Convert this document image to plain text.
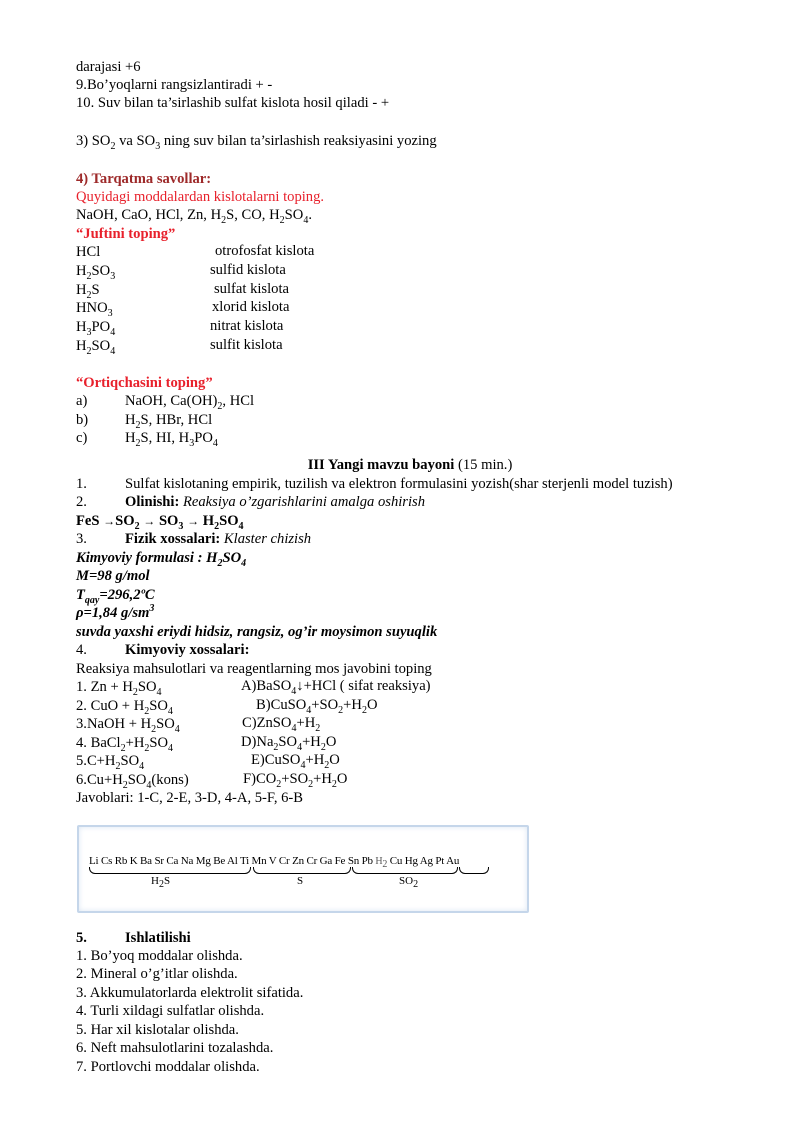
darajasi +6
9.Bo’yoqlarni rangsizlantiradi + -
10. Suv bilan ta’sirlashib sulfat kislota hosil qiladi - +
3) $SO_2$ va $SO_3$ ning suv bilan ta’sirlashish reaksiyasini yozing
4) Tarqatma savollar:
Quyidagi moddalardan kislotalarni toping.
NaOH, CaO, HCl, Zn, $H_2S$, CO, $H_2SO_4$.
“Juftini toping”
HCl	otrofosfat kislota
$H_2SO_3$	sulfid kislota
$H_2S$	sulfat kislota
$HNO_3$	xlorid kislota
$H_3PO_4$	nitrat kislota
$H_2SO_4$	sulfit kislota
“Ortiqchasini toping”
a)	NaOH, $Ca(OH)_2$, HCl
b)	$H_2S$, HBr, HCl
c)	$H_2S$, HI, $H_3PO_4$
III Yangi mavzu bayoni (15 min.)
1.	Sulfat kislotaning empirik, tuzilish va elektron formulasini yozish(shar sterjenli model tuzish)
2.	Olinishi: Reaksiya o’zgarishlarini amalga oshirish
FeS $\to SO_2 \to SO_3 \to H_2SO_4$
3.	Fizik xossalari: Klaster chizish
Kimyoviy formulasi : $H_2SO_4$
M=98 g/mol
$T_{qay}=296,2ºC$
ρ=1,84 $g/sm^3$
suvda yaxshi eriydi hidsiz, rangsiz, og’ir moysimon suyuqlik
4.	Kimyoviy xossalari:
Reaksiya mahsulotlari va reagentlarning mos javobini toping
1. $Zn + H_2SO_4$	A)BaSO$_4$↓+HCl ( sifat reaksiya)
2. CuO + $H_2SO_4$	$B)CuSO_4+SO_2+H_2O$
3.NaOH + $H_2SO_4$	$C)ZnSO_4+H_2$
4. $BaCl_2+H_2SO_4$	$D)Na_2SO_4+H_2O$
$5.C+H_2SO_4$	$E)CuSO_4+H_2O$
$6.Cu+H_2SO_4(kons)$	$F)CO_2+SO_2+H_2O$
Javoblari: 1-C, 2-E, 3-D, 4-A, 5-F, 6-B
Li Cs Rb K Ba Sr Ca Na Mg Be Al Ti Mn V Cr Zn Cr Ga Fe Sn Pb $H_2$ Cu Hg Ag Pt Au
$H_2S$	S	$SO_2$
5.	Ishlatilishi
1. Bo’yoq moddalar olishda.
2. Mineral o’g’itlar olishda.
3. Akkumulatorlarda elektrolit sifatida.
4. Turli xildagi sulfatlar olishda.
5. Har xil kislotalar olishda.
6. Neft mahsulotlarini tozalashda.
7. Portlovchi moddalar olishda.
